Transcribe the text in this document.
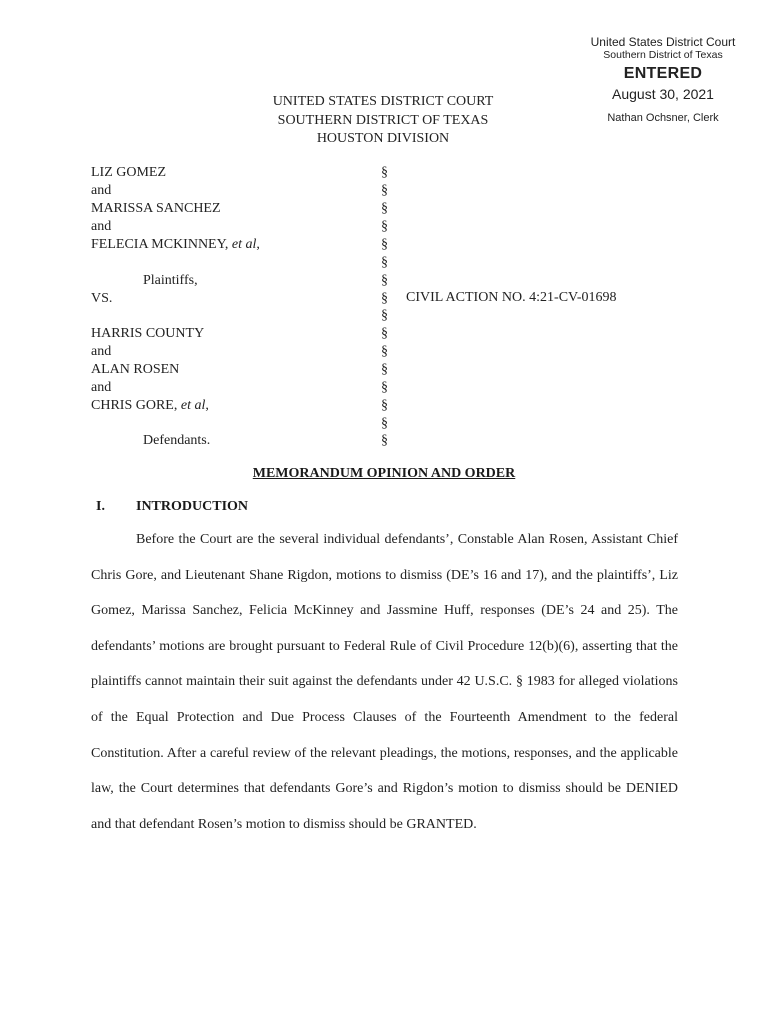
United States District Court
Southern District of Texas
ENTERED
August 30, 2021
Nathan Ochsner, Clerk
UNITED STATES DISTRICT COURT
SOUTHERN DISTRICT OF TEXAS
HOUSTON DIVISION
LIZ GOMEZ
and
MARISSA SANCHEZ
and
FELECIA MCKINNEY, et al,
Plaintiffs,
VS.
HARRIS COUNTY
and
ALAN ROSEN
and
CHRIS GORE, et al,
Defendants.
§
§
§
§
§
§
§
§
§
§
§
§
§
§
§
§
CIVIL ACTION NO. 4:21-CV-01698
MEMORANDUM OPINION AND ORDER
I. INTRODUCTION

Before the Court are the several individual defendants’, Constable Alan Rosen, Assistant Chief Chris Gore, and Lieutenant Shane Rigdon, motions to dismiss (DE’s 16 and 17), and the plaintiffs’, Liz Gomez, Marissa Sanchez, Felicia McKinney and Jassmine Huff, responses (DE’s 24 and 25). The defendants’ motions are brought pursuant to Federal Rule of Civil Procedure 12(b)(6), asserting that the plaintiffs cannot maintain their suit against the defendants under 42 U.S.C. § 1983 for alleged violations of the Equal Protection and Due Process Clauses of the Fourteenth Amendment to the federal Constitution. After a careful review of the relevant pleadings, the motions, responses, and the applicable law, the Court determines that defendants Gore’s and Rigdon’s motion to dismiss should be DENIED and that defendant Rosen’s motion to dismiss should be GRANTED.
